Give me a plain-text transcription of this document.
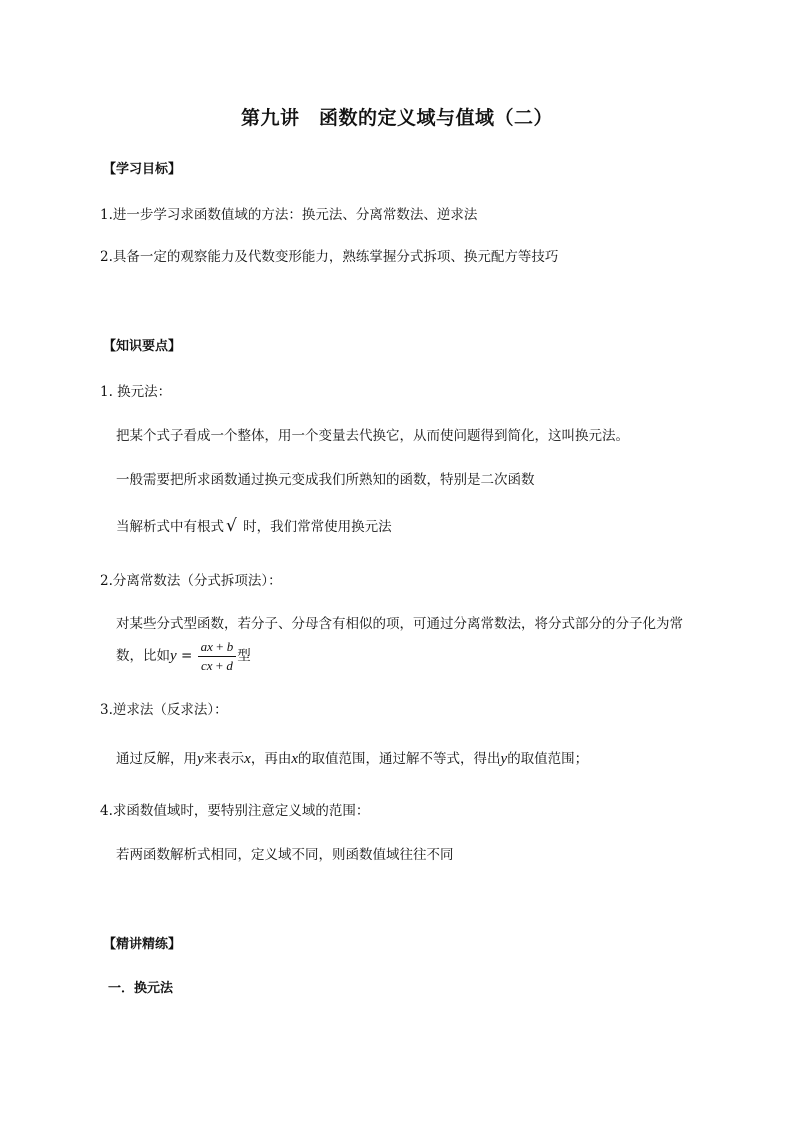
第九讲　函数的定义域与值域（二）
【学习目标】
1.进一步学习求函数值域的方法：换元法、分离常数法、逆求法
2.具备一定的观察能力及代数变形能力，熟练掌握分式拆项、换元配方等技巧
【知识要点】
1. 换元法：
把某个式子看成一个整体，用一个变量去代换它，从而使问题得到简化，这叫换元法。
一般需要把所求函数通过换元变成我们所熟知的函数，特别是二次函数
当解析式中有根式 √ 时，我们常常使用换元法
2.分离常数法（分式拆项法）：
对某些分式型函数，若分子、分母含有相似的项，可通过分离常数法，将分式部分的分子化为常
数，比如$y = \frac{ax + b}{cx + d}$ 型
3.逆求法（反求法）：
通过反解，用y来表示x，再由x的取值范围，通过解不等式，得出y的取值范围；
4.求函数值域时，要特别注意定义域的范围：
若两函数解析式相同，定义域不同，则函数值域往往不同
【精讲精练】
一．换元法
